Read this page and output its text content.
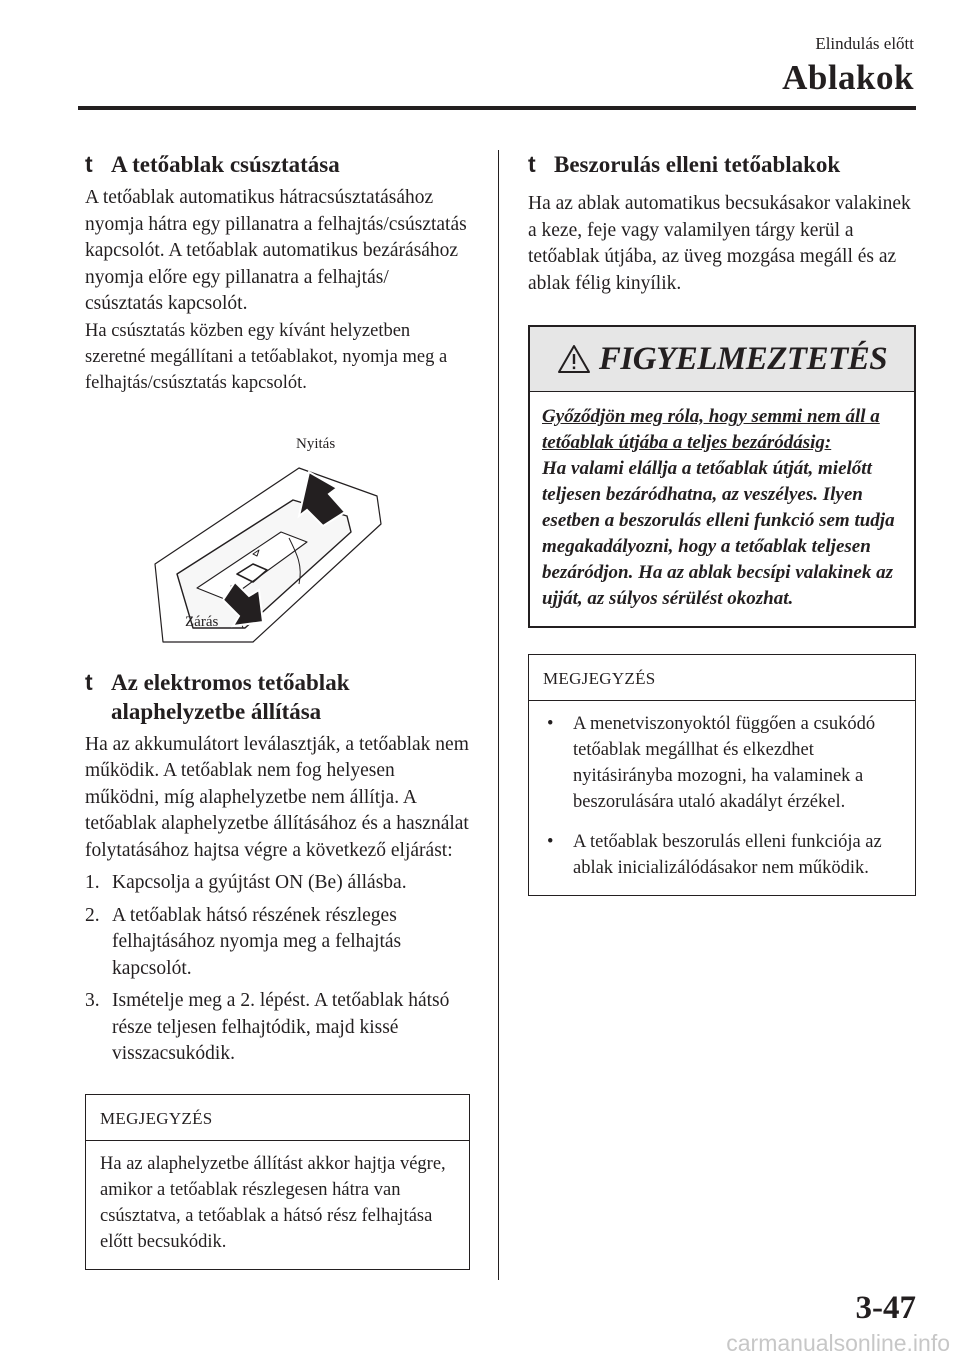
Elindulás előtt
Ablakok
t A tetőablak csúsztatása

A tetőablak automatikus hátracsúsztatásához nyomja hátra egy pillanatra a felhajtás/csúsztatás kapcsolót. A tetőablak automatikus bezárásához nyomja előre egy pillanatra a felhajtás/ csúsztatás kapcsolót.

Ha csúsztatás közben egy kívánt helyzetben szeretné megállítani a tetőablakot, nyomja meg a felhajtás/csúsztatás kapcsolót.

Nyitás
Zárás
t Az elektromos tetőablak alaphelyzetbe állítása

Ha az akkumulátort leválasztják, a tetőablak nem működik. A tetőablak nem fog helyesen működni, míg alaphelyzetbe nem állítja. A tetőablak alaphelyzetbe állításához és a használat folytatásához hajtsa végre a következő eljárást:

1. Kapcsolja a gyújtást ON (Be) állásba.
2. A tetőablak hátsó részének részleges felhajtásához nyomja meg a felhajtás kapcsolót.
3. Ismételje meg a 2. lépést. A tetőablak hátsó része teljesen felhajtódik, majd kissé visszacsukódik.
MEGJEGYZÉS
Ha az alaphelyzetbe állítást akkor hajtja végre, amikor a tetőablak részlegesen hátra van csúsztatva, a tetőablak a hátsó rész felhajtása előtt becsukódik.
t Beszorulás elleni tetőablakok

Ha az ablak automatikus becsukásakor valakinek a keze, feje vagy valamilyen tárgy kerül a tetőablak útjába, az üveg mozgása megáll és az ablak félig kinyílik.

FIGYELMEZTETÉS
Győződjön meg róla, hogy semmi nem áll a tetőablak útjába a teljes bezáródásig:
Ha valami elállja a tetőablak útját, mielőtt teljesen bezáródhatna, az veszélyes. Ilyen esetben a beszorulás elleni funkció sem tudja megakadályozni, hogy a tetőablak teljesen bezáródjon. Ha az ablak becsípi valakinek az ujját, az súlyos sérülést okozhat.
MEGJEGYZÉS
•	A menetviszonyoktól függően a csukódó tetőablak megállhat és elkezdhet nyitásirányba mozogni, ha valaminek a beszorulására utaló akadályt érzékel.
•	A tetőablak beszorulás elleni funkciója az ablak inicializálódásakor nem működik.
3-47
carmanualsonline.info
